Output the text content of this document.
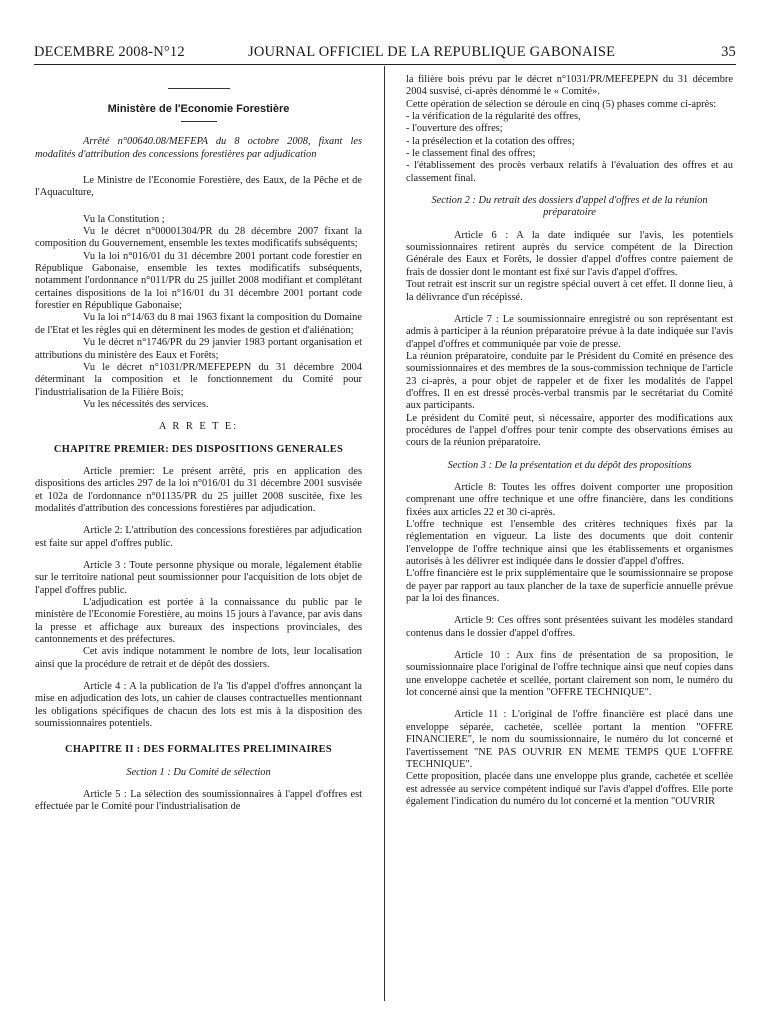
DECEMBRE 2008-N°12	JOURNAL OFFICIEL DE LA REPUBLIQUE GABONAISE	35

Ministère de l'Economie Forestière

Arrêté n°00640.08/MEFEPA du 8 octobre 2008, fixant les modalités d'attribution des concessions forestières par adjudication

Le Ministre de l'Economie Forestière, des Eaux, de la Pêche et de l'Aquaculture,

Vu la Constitution ;

Vu le décret n°00001304/PR du 28 décembre 2007 fixant la composition du Gouvernement, ensemble les textes modificatifs subséquents;

Vu la loi n°016/01 du 31 décembre 2001 portant code forestier en République Gabonaise, ensemble les textes modificatifs subséquents, notamment l'ordonnance n°011/PR du 25 juillet 2008 modifiant et complétant certaines dispositions de la loi n°16/01 du 31 décembre 2001 portant code forestier en République Gabonaise;

Vu la loi n°14/63 du 8 mai 1963 fixant la composition du Domaine de l'Etat et les règles qui en déterminent les modes de gestion et d'aliénation;

Vu le décret n°1746/PR du 29 janvier 1983 portant organisation et attributions du ministère des Eaux et Forêts;

Vu le décret n°1031/PR/MEFEPEPN du 31 décembre 2004 déterminant la composition et le fonctionnement du Comité pour l'industrialisation de la Filière Bois;

Vu les nécessités des services.

A R R E T E:

CHAPITRE PREMIER: DES DISPOSITIONS GENERALES

Article premier: Le présent arrêté, pris en application des dispositions des articles 297 de la loi n°016/01 du 31 décembre 2001 susvisée et 102a de l'ordonnance n°01135/PR du 25 juillet 2008 suscitée, fixe les modalités d'attribution des concessions forestières par adjudication.

Article 2: L'attribution des concessions forestières par adjudication est faite sur appel d'offres public.

Article 3 : Toute personne physique ou morale, légalement établie sur le territoire national peut soumissionner pour l'acquisition de lots objet de l'appel d'offres public.

L'adjudication est portée à la connaissance du public par le ministère de l'Economie Forestière, au moins 15 jours à l'avance, par avis dans la presse et affichage aux bureaux des inspections provinciales, des cantonnements et des préfectures.

Cet avis indique notamment le nombre de lots, leur localisation ainsi que la procédure de retrait et de dépôt des dossiers.

Article 4 : A la publication de l'a 'lis d'appel d'offres annonçant la mise en adjudication des lots, un cahier de clauses contractuelles mentionnant les obligations spécifiques de chacun des lots est mis à la disposition des soumissionnaires potentiels.

CHAPITRE II : DES FORMALITES PRELIMINAIRES

Section 1 : Du Comité de sélection

Article 5 : La sélection des soumissionnaires à l'appel d'offres est effectuée par le Comité pour l'industrialisation de

la filière bois prévu par le décret n°1031/PR/MEFEPEPN du 31 décembre 2004 susvisé, ci-après dénommé le « Comité».

Cette opération de sélection se déroule en cinq (5) phases comme ci-après:

- la vérification de la régularité des offres,

- l'ouverture des offres;

- la présélection et la cotation des offres;

- le classement final des offres;

- l'établissement des procès verbaux relatifs à l'évaluation des offres et au classement final.

Section 2 : Du retrait des dossiers d'appel d'offres et de la réunion préparatoire

Article 6 : A la date indiquée sur l'avis, les potentiels soumissionnaires retirent auprès du service compétent de la Direction Générale des Eaux et Forêts, le dossier d'appel d'offres contre paiement de frais de dossier dont le montant est fixé sur l'avis d'appel d'offres.

Tout retrait est inscrit sur un registre spécial ouvert à cet effet. Il donne lieu, à la délivrance d'un récépissé.

Article 7 : Le soumissionnaire enregistré ou son représentant est admis à participer à la réunion préparatoire prévue à la date indiquée sur l'avis d'appel d'offres et communiquée par voie de presse.

La réunion préparatoire, conduite par le Président du Comité en présence des soumissionnaires et des membres de la sous-commission technique de l'article 23 ci-après, a pour objet de rappeler et de fixer les modalités de l'appel d'offres. Il en est dressé procès-verbal transmis par le secrétariat du Comité aux participants.

Le président du Comité peut, si nécessaire, apporter des modifications aux procédures de l'appel d'offres pour tenir compte des observations émises au cours de la réunion préparatoire.

Section 3 : De la présentation et du dépôt des propositions

Article 8: Toutes les offres doivent comporter une proposition comprenant une offre technique et une offre financière, dans les conditions fixées aux articles 22 et 30 ci-après.

L'offre technique est l'ensemble des critères techniques fixés par la réglementation en vigueur. La liste des documents que doit contenir l'enveloppe de l'offre technique ainsi que les établissements et organismes autorisés à les délivrer est indiquée dans le dossier d'appel d'offres.

L'offre financière est le prix supplémentaire que le soumissionnaire se propose de payer par rapport au taux plancher de la taxe de superficie annuelle prévue par la loi des finances.

Article 9: Ces offres sont présentées suivant les modèles standard contenus dans le dossier d'appel d'offres.

Article 10 : Aux fins de présentation de sa proposition, le soumissionnaire place l'original de l'offre technique ainsi que neuf copies dans une enveloppe cachetée et scellée, portant clairement son nom, le numéro du lot concerné ainsi que la mention "OFFRE TECHNIQUE".

Article 11 : L'original de l'offre financière est placé dans une enveloppe séparée, cachetée, scellée portant la mention "OFFRE FINANCIERE", le nom du soumissionnaire, le numéro du lot concerné et l'avertissement "NE PAS OUVRIR EN MEME TEMPS QUE L'OFFRE TECHNIQUE".

Cette proposition, placée dans une enveloppe plus grande, cachetée et scellée est adressée au service compétent indiqué sur l'avis d'appel d'offres. Elle porte également l'indication du numéro du lot concerné et la mention "OUVRIR
